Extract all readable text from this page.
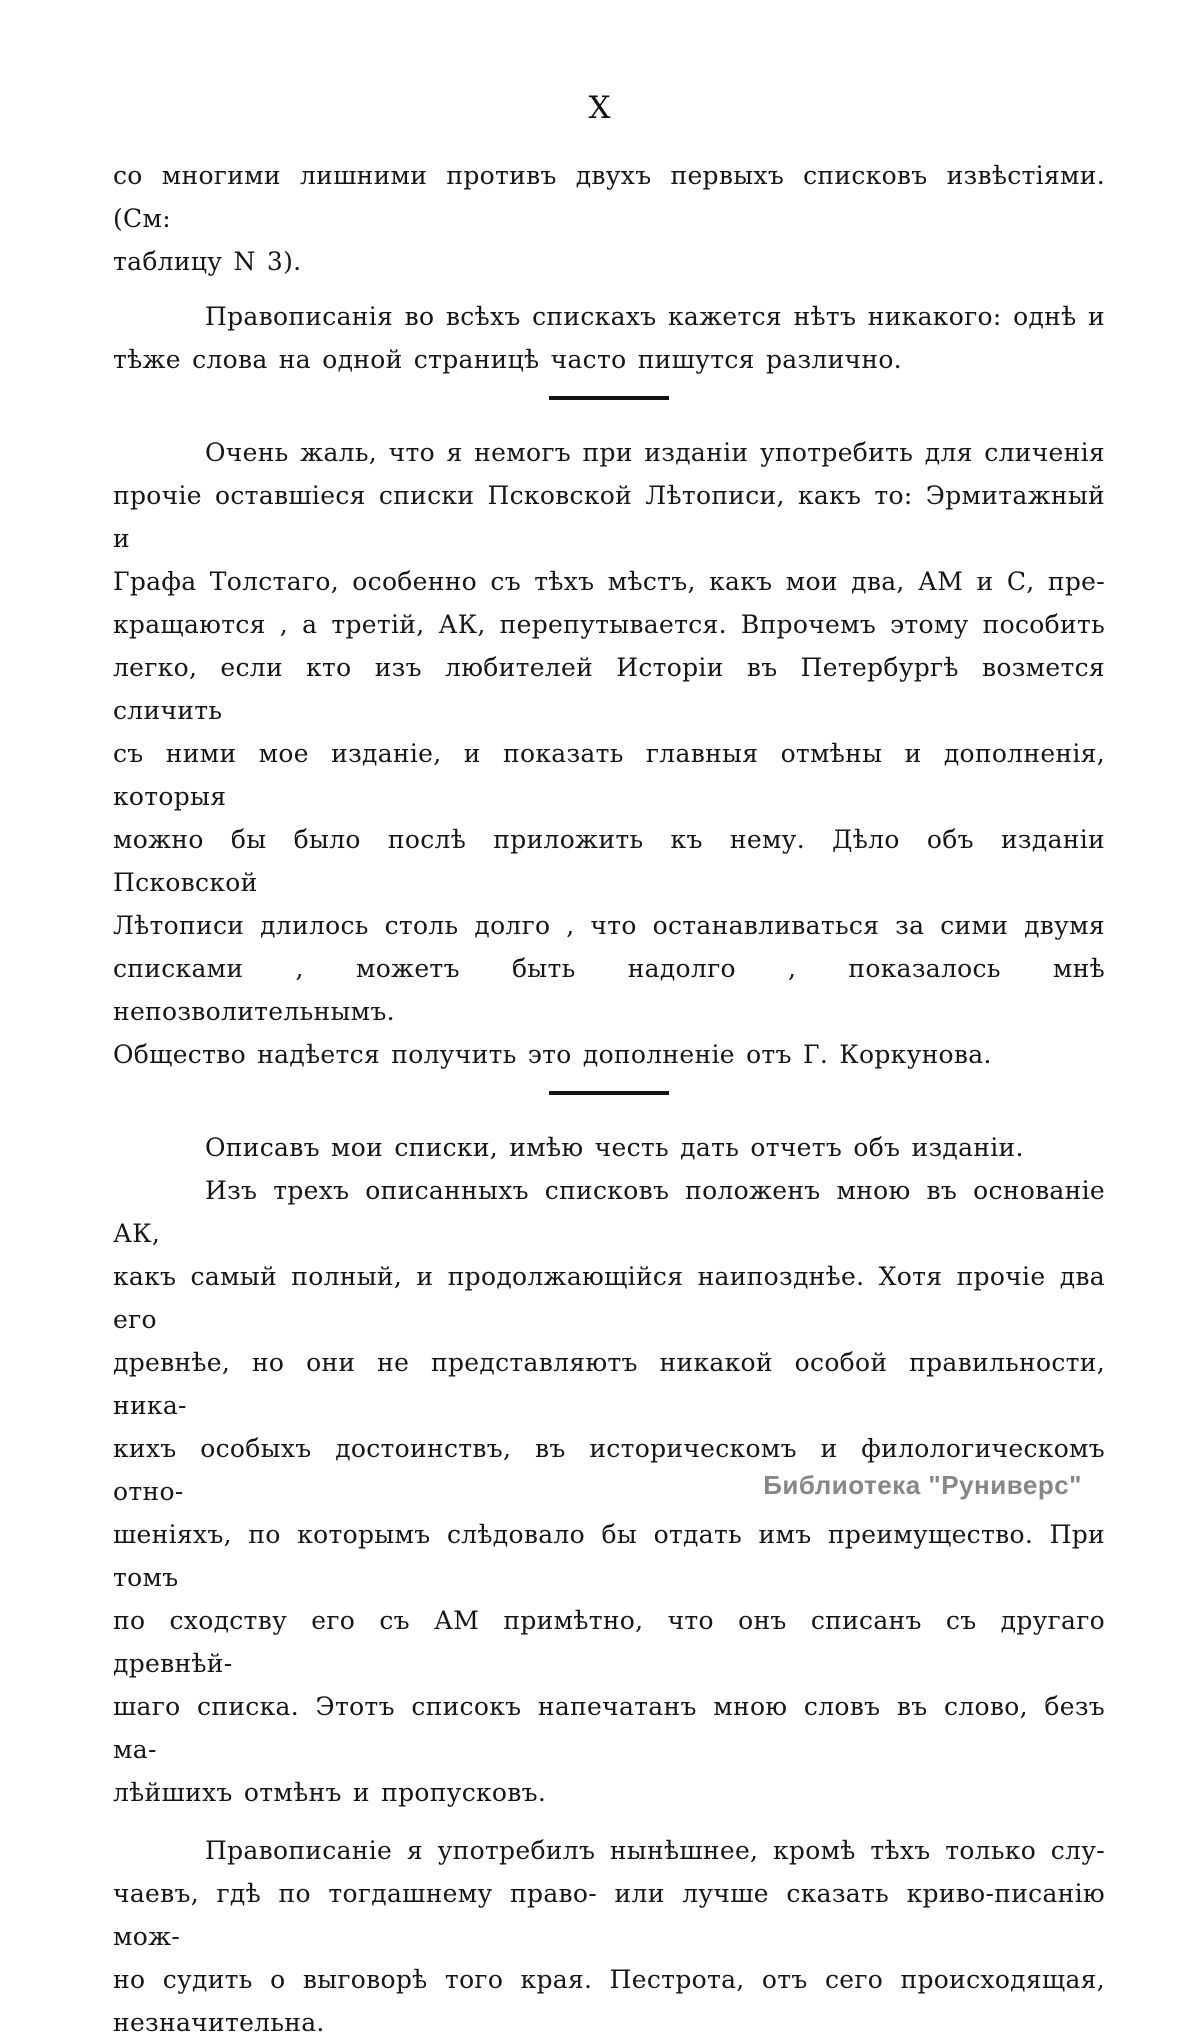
X
со многими лишними противъ двухъ первыхъ списковъ извѣстіями. (См:
таблицу N 3).
Правописанія во всѣхъ спискахъ кажется нѣтъ никакого: однѣ и
тѣже слова на одной страницѣ часто пишутся различно.
Очень жаль, что я немогъ при изданіи употребить для сличенія
прочіе оставшіеся списки Псковской Лѣтописи, какъ то: Эрмитажный и
Графа Толстаго, особенно съ тѣхъ мѣстъ, какъ мои два, АМ и С, пре-
кращаются , а третій, АК, перепутывается. Впрочемъ этому пособить
легко, если кто изъ любителей Исторіи въ Петербургѣ возмется сличить
съ ними мое изданіе, и показать главныя отмѣны и дополненія, которыя
можно бы было послѣ приложить къ нему. Дѣло объ изданіи Псковской
Лѣтописи длилось столь долго , что останавливаться за сими двумя
списками , можетъ быть надолго , показалось мнѣ непозволительнымъ.
Общество надѣется получить это дополненіе отъ Г. Коркунова.
Описавъ мои списки, имѣю честь дать отчетъ объ изданіи.
Изъ трехъ описанныхъ списковъ положенъ мною въ основаніе АК,
какъ самый полный, и продолжающійся наипозднѣе. Хотя прочіе два его
древнѣе, но они не представляютъ никакой особой правильности, ника-
кихъ особыхъ достоинствъ, въ историческомъ и филологическомъ отно-
шеніяхъ, по которымъ слѣдовало бы отдать имъ преимущество. При томъ
по сходству его съ АМ примѣтно, что онъ списанъ съ другаго древнѣй-
шаго списка. Этотъ списокъ напечатанъ мною словъ въ слово, безъ ма-
лѣйшихъ отмѣнъ и пропусковъ.
Правописаніе я употребилъ нынѣшнее, кромѣ тѣхъ только слу-
чаевъ, гдѣ по тогдашнему право- или лучше сказать криво-писанію мож-
но судить о выговорѣ того края. Пестрота, отъ сего происходящая,
незначительна.
Библиотека "Руниверс"
